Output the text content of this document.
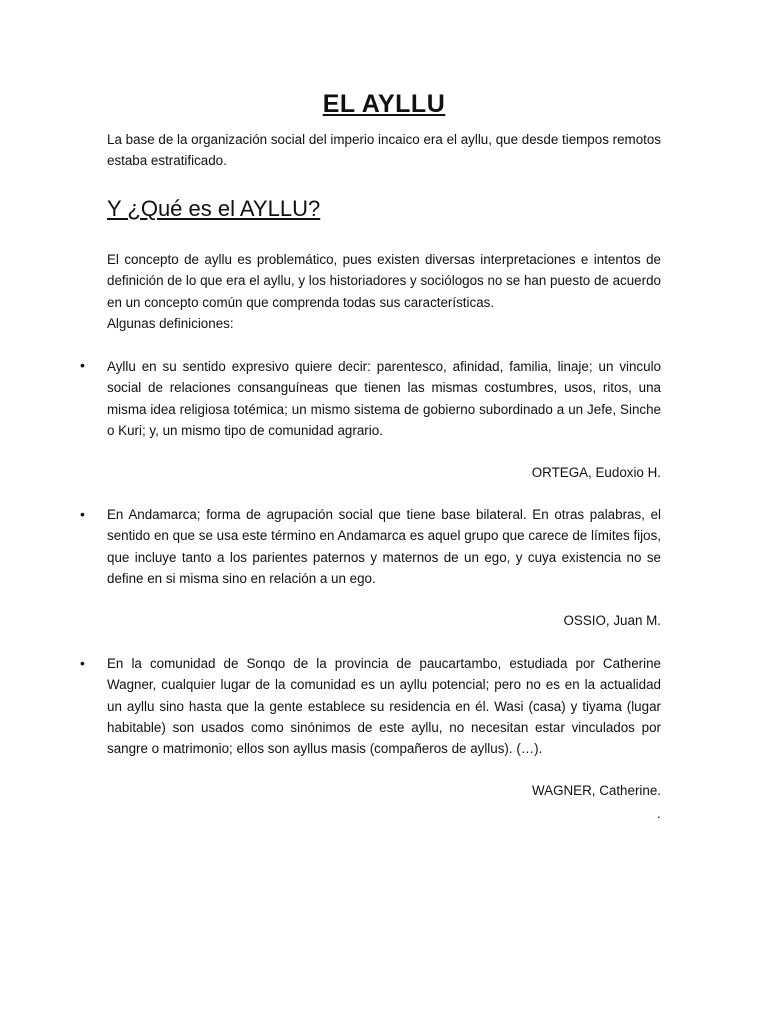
EL AYLLU

La base de la organización social del imperio incaico era el ayllu, que desde tiempos remotos estaba estratificado.

Y ¿Qué es el AYLLU?

El concepto de ayllu es problemático, pues existen diversas interpretaciones e intentos de definición de lo que era el ayllu, y los historiadores y sociólogos no se han puesto de acuerdo en un concepto común que comprenda todas sus características.

Algunas definiciones:

• Ayllu en su sentido expresivo quiere decir: parentesco, afinidad, familia, linaje; un vinculo social de relaciones consanguíneas que tienen las mismas costumbres, usos, ritos, una misma idea religiosa totémica; un mismo sistema de gobierno subordinado a un Jefe, Sinche o Kuri; y, un mismo tipo de comunidad agrario.

ORTEGA, Eudoxio H.
• En Andamarca; forma de agrupación social que tiene base bilateral. En otras palabras, el sentido en que se usa este término en Andamarca es aquel grupo que carece de límites fijos, que incluye tanto a los parientes paternos y maternos de un ego, y cuya existencia no se define en si misma sino en relación a un ego.

OSSIO, Juan M.
• En la comunidad de Sonqo de la provincia de paucartambo, estudiada por Catherine Wagner, cualquier lugar de la comunidad es un ayllu potencial; pero no es en la actualidad un ayllu sino hasta que la gente establece su residencia en él. Wasi (casa) y tiyama (lugar habitable) son usados como sinónimos de este ayllu, no necesitan estar vinculados por sangre o matrimonio; ellos son ayllus masis (compañeros de ayllus). (…).

WAGNER, Catherine.
.
